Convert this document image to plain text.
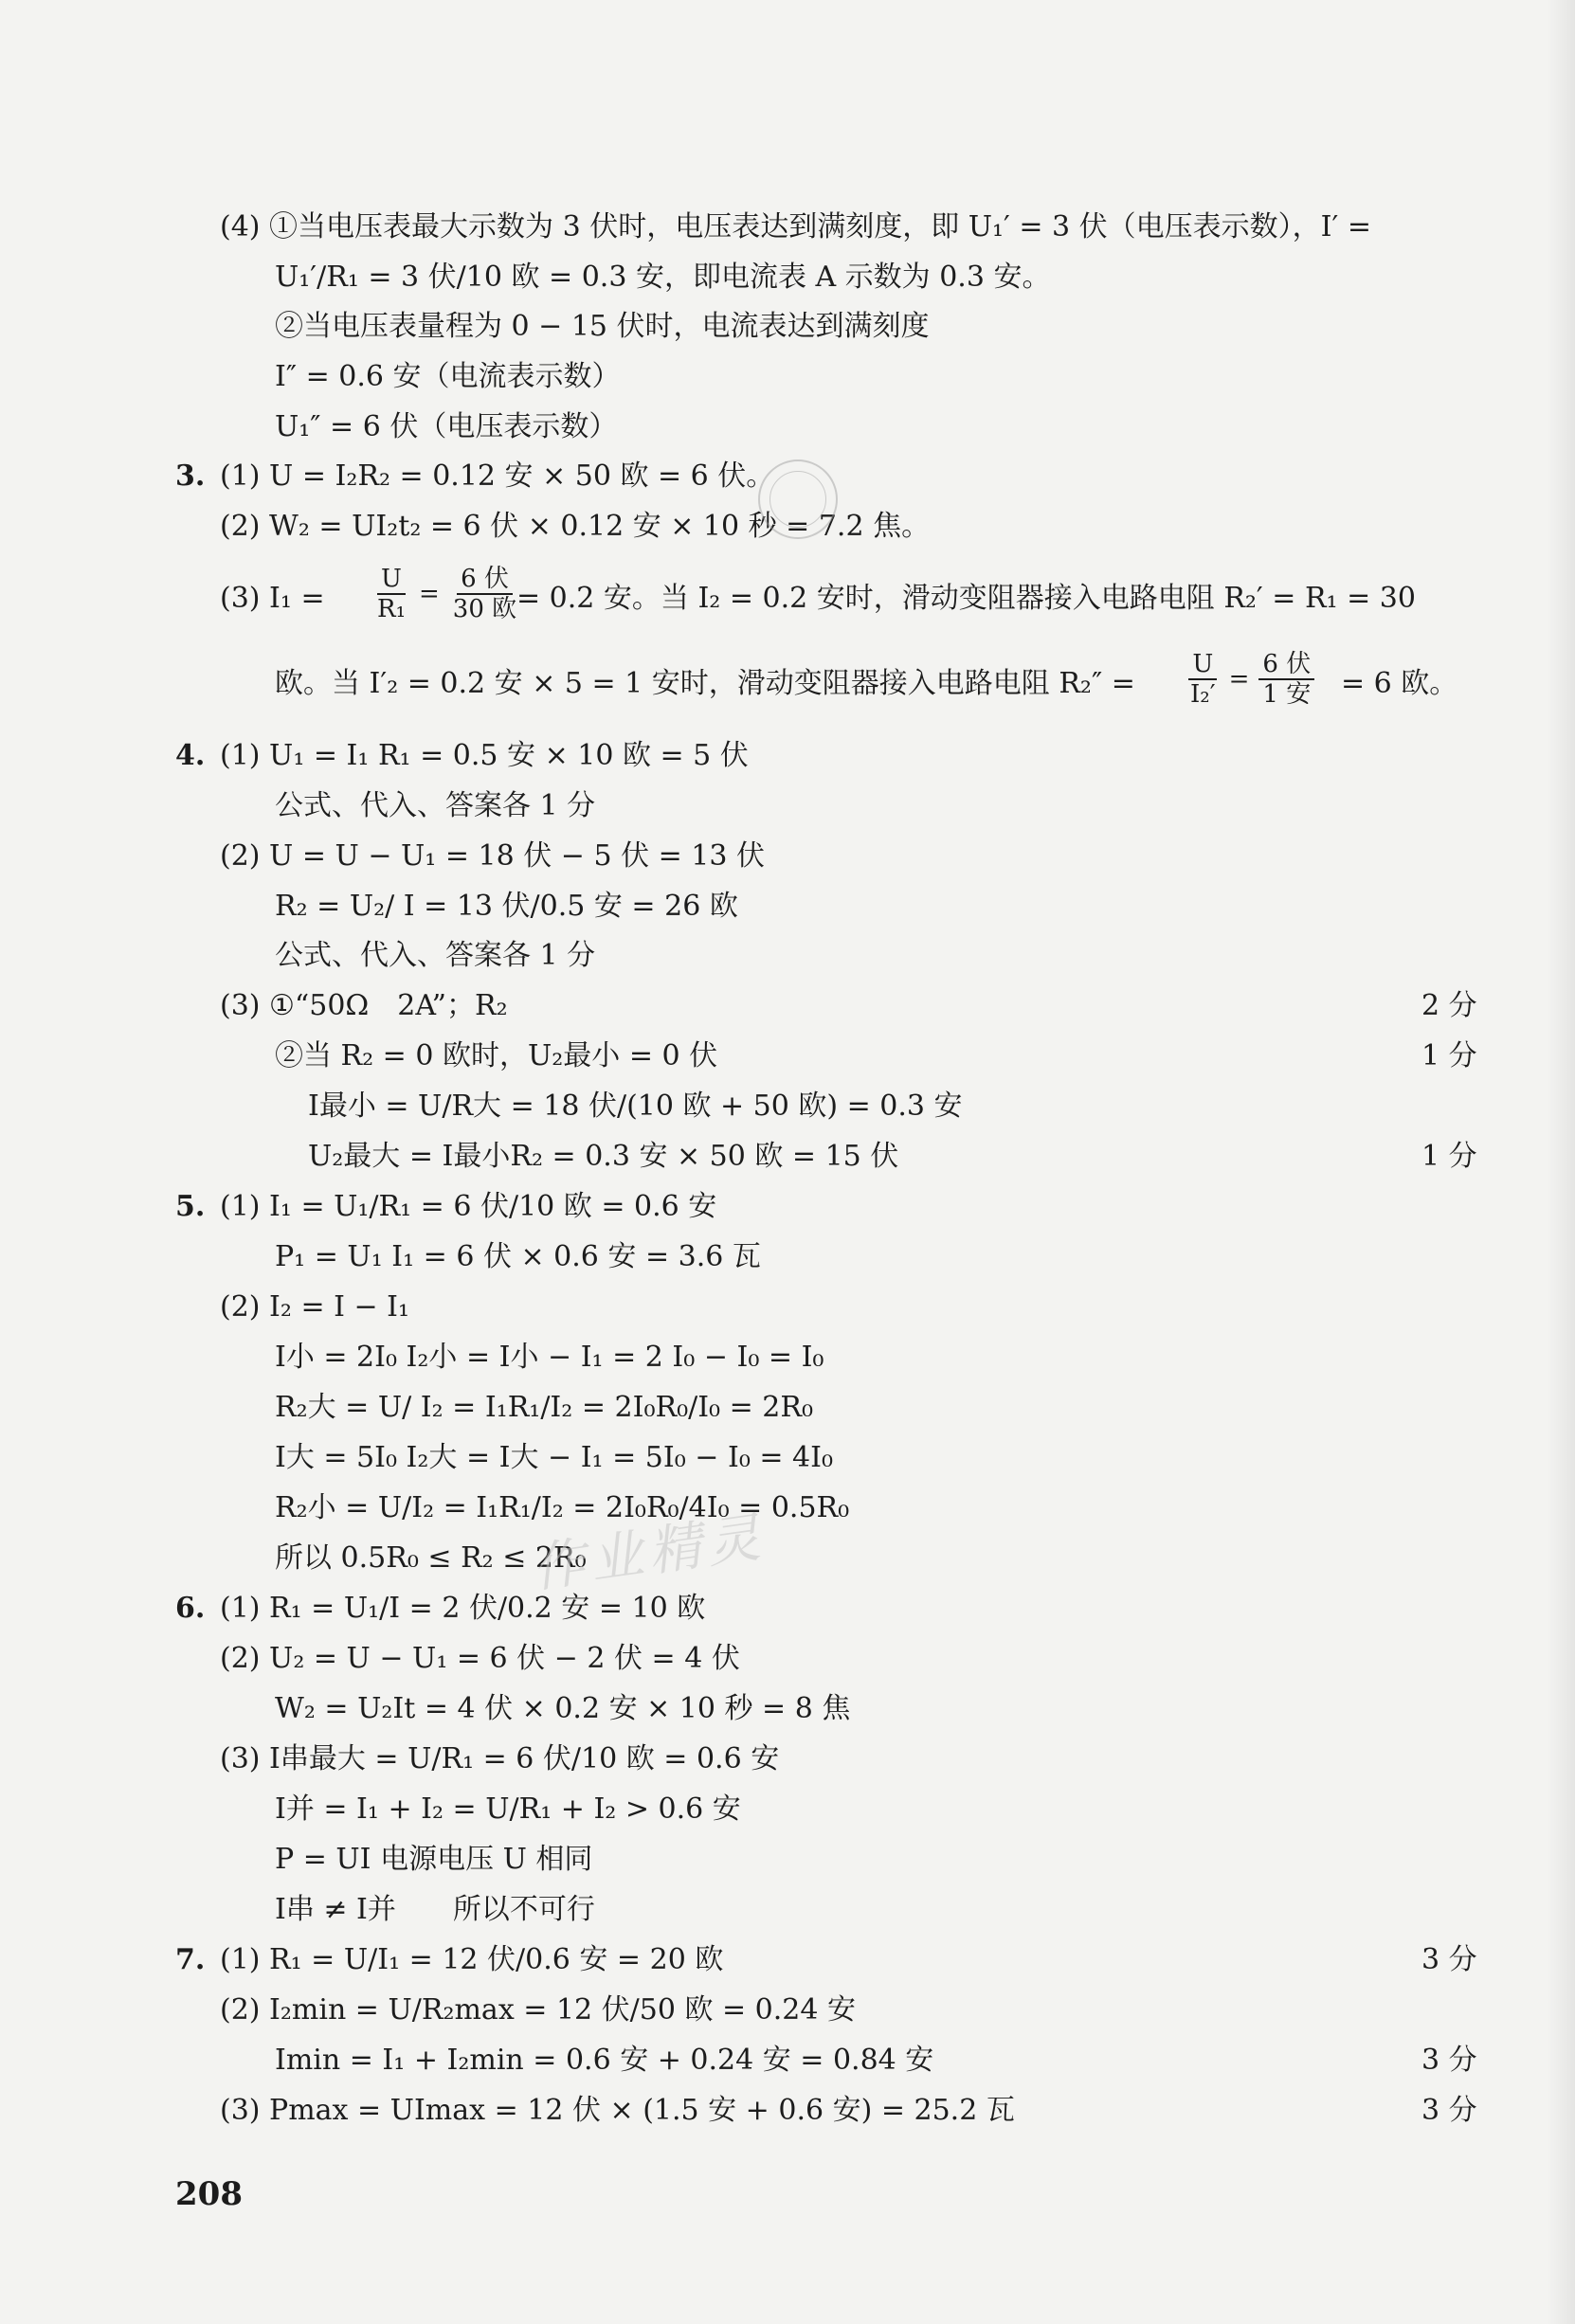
(4) ①当电压表最大示数为 3 伏时，电压表达到满刻度，即 U₁′ = 3 伏（电压表示数），I′ =
U₁′/R₁ = 3 伏/10 欧 = 0.3 安，即电流表 A 示数为 0.3 安。
②当电压表量程为 0 − 15 伏时，电流表达到满刻度
I″ = 0.6 安（电流表示数）
U₁″ = 6 伏（电压表示数）
3. (1) U = I₂R₂ = 0.12 安 × 50 欧 = 6 伏。
(2) W₂ = UI₂t₂ = 6 伏 × 0.12 安 × 10 秒 = 7.2 焦。
(3) $I_1 = \frac{U}{\text{R₁}}$ =
6 伏
30 欧 = 0.2 安。当 I₂ = 0.2 安时，滑动变阻器接入电路电阻 R₂′ = R₁ = 30
欧。当 I′₂ = 0.2 安 × 5 = 1 安时，滑动变阻器接入电路电阻 $R_2'' = \frac{U}{\text{I₂′}}$ =
6 伏
1 安 = 6 欧。
4. (1) U₁ = I₁ R₁ = 0.5 安 × 10 欧 = 5 伏
公式、代入、答案各 1 分
(2) U = U − U₁ = 18 伏 − 5 伏 = 13 伏
R₂ = U₂/ I = 13 伏/0.5 安 = 26 欧
公式、代入、答案各 1 分
(3) ①“50Ω　2A”；R₂	2 分
②当 R₂ = 0 欧时，U₂最小 = 0 伏	1 分
I最小 = U/R大 = 18 伏/(10 欧 + 50 欧) = 0.3 安
U₂最大 = I最小R₂ = 0.3 安 × 50 欧 = 15 伏	1 分
5. (1) I₁ = U₁/R₁ = 6 伏/10 欧 = 0.6 安
P₁ = U₁ I₁ = 6 伏 × 0.6 安 = 3.6 瓦
(2) I₂ = I − I₁
I小 = 2I₀ I₂小 = I小 − I₁ = 2 I₀ − I₀ = I₀
R₂大 = U/ I₂ = I₁R₁/I₂ = 2I₀R₀/I₀ = 2R₀
I大 = 5I₀ I₂大 = I大 − I₁ = 5I₀ − I₀ = 4I₀
R₂小 = U/I₂ = I₁R₁/I₂ = 2I₀R₀/4I₀ = 0.5R₀
所以 0.5R₀ ≤ R₂ ≤ 2R₀
6. (1) R₁ = U₁/I = 2 伏/0.2 安 = 10 欧
(2) U₂ = U − U₁ = 6 伏 − 2 伏 = 4 伏
W₂ = U₂It = 4 伏 × 0.2 安 × 10 秒 = 8 焦
(3) I串最大 = U/R₁ = 6 伏/10 欧 = 0.6 安
I并 = I₁ + I₂ = U/R₁ + I₂ > 0.6 安
P = UI 电源电压 U 相同
I串 ≠ I并　　所以不可行
7. (1) R₁ = U/I₁ = 12 伏/0.6 安 = 20 欧	3 分
(2) I₂min = U/R₂max = 12 伏/50 欧 = 0.24 安
Imin = I₁ + I₂min = 0.6 安 + 0.24 安 = 0.84 安	3 分
(3) Pmax = UImax = 12 伏 × (1.5 安 + 0.6 安) = 25.2 瓦	3 分
208
作业精灵
